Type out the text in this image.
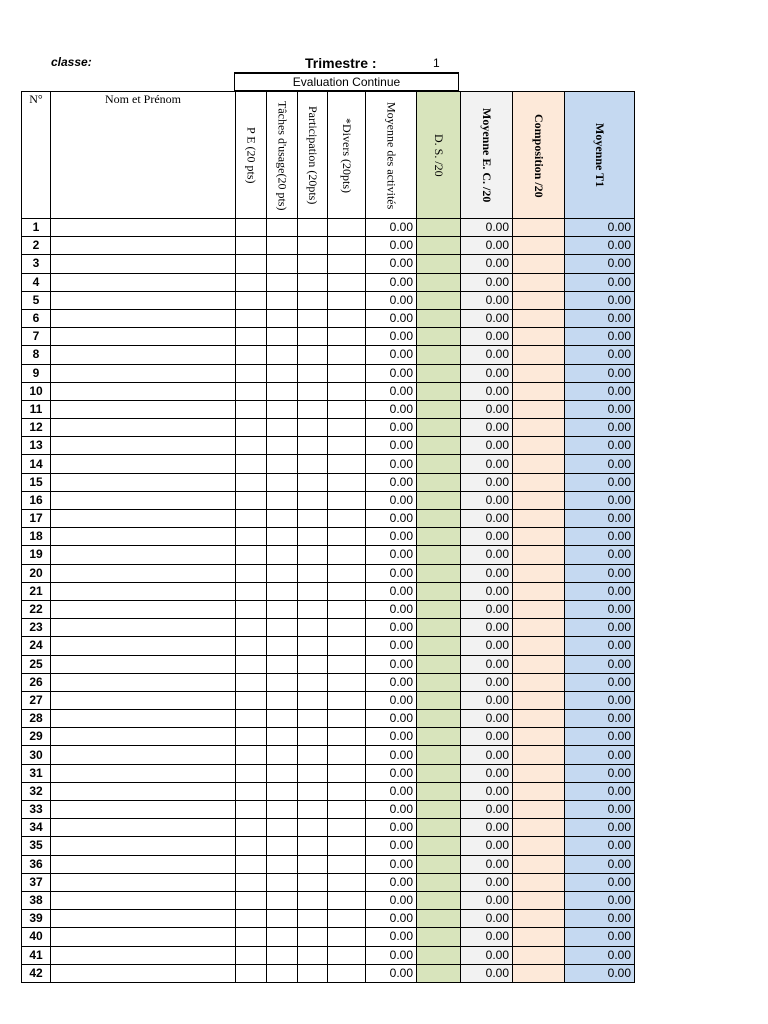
classe:	Trimestre :	1
Evaluation Continue
N°	Nom et Prénom	P E (20 pts)	Tâches d'usage(20 pts)	Participation (20pts)	*Divers (20pts)	Moyenne des activités	D. S. /20	Moyenne E. C. /20	Composition /20	Moyenne T1

1						0.00		0.00		0.00
2						0.00		0.00		0.00
3						0.00		0.00		0.00
4						0.00		0.00		0.00
5						0.00		0.00		0.00
6						0.00		0.00		0.00
7						0.00		0.00		0.00
8						0.00		0.00		0.00
9						0.00		0.00		0.00
10						0.00		0.00		0.00
11						0.00		0.00		0.00
12						0.00		0.00		0.00
13						0.00		0.00		0.00
14						0.00		0.00		0.00
15						0.00		0.00		0.00
16						0.00		0.00		0.00
17						0.00		0.00		0.00
18						0.00		0.00		0.00
19						0.00		0.00		0.00
20						0.00		0.00		0.00
21						0.00		0.00		0.00
22						0.00		0.00		0.00
23						0.00		0.00		0.00
24						0.00		0.00		0.00
25						0.00		0.00		0.00
26						0.00		0.00		0.00
27						0.00		0.00		0.00
28						0.00		0.00		0.00
29						0.00		0.00		0.00
30						0.00		0.00		0.00
31						0.00		0.00		0.00
32						0.00		0.00		0.00
33						0.00		0.00		0.00
34						0.00		0.00		0.00
35						0.00		0.00		0.00
36						0.00		0.00		0.00
37						0.00		0.00		0.00
38						0.00		0.00		0.00
39						0.00		0.00		0.00
40						0.00		0.00		0.00
41						0.00		0.00		0.00
42						0.00		0.00		0.00
